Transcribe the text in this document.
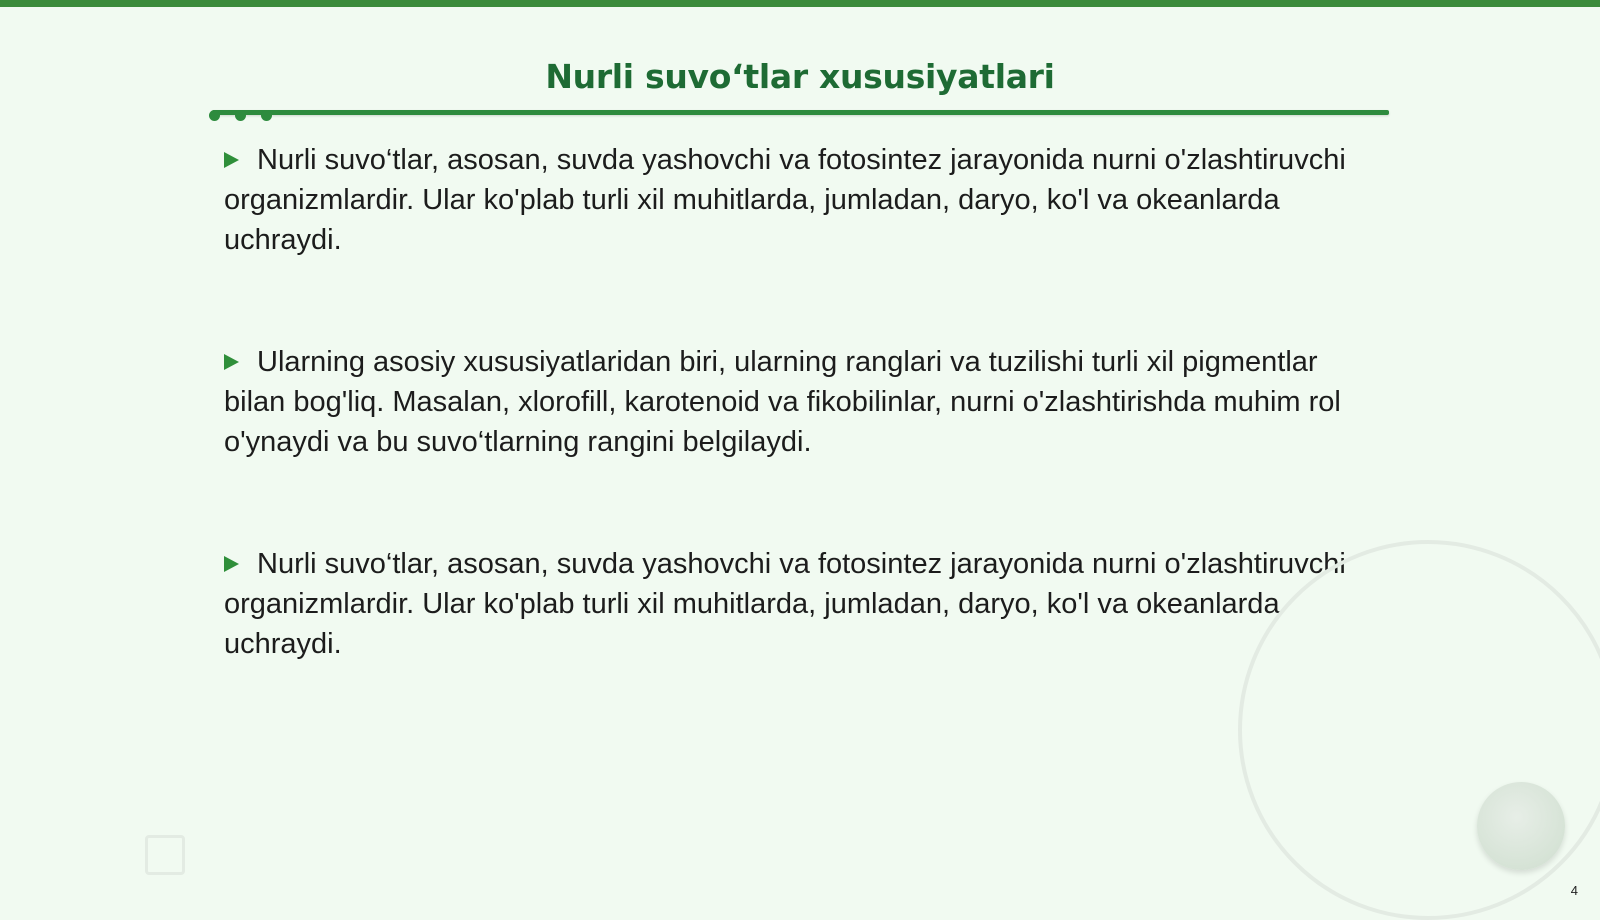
Nurli suvo‘tlar xususiyatlari

Nurli suvo‘tlar, asosan, suvda yashovchi va fotosintez jarayonida nurni o'zlashtiruvchi organizmlardir. Ular ko'plab turli xil muhitlarda, jumladan, daryo, ko'l va okeanlarda uchraydi.

Ularning asosiy xususiyatlaridan biri, ularning ranglari va tuzilishi turli xil pigmentlar bilan bog'liq. Masalan, xlorofill, karotenoid va fikobilinlar, nurni o'zlashtirishda muhim rol o'ynaydi va bu suvo‘tlarning rangini belgilaydi.

Nurli suvo‘tlar, asosan, suvda yashovchi va fotosintez jarayonida nurni o'zlashtiruvchi organizmlardir. Ular ko'plab turli xil muhitlarda, jumladan, daryo, ko'l va okeanlarda uchraydi.

4
